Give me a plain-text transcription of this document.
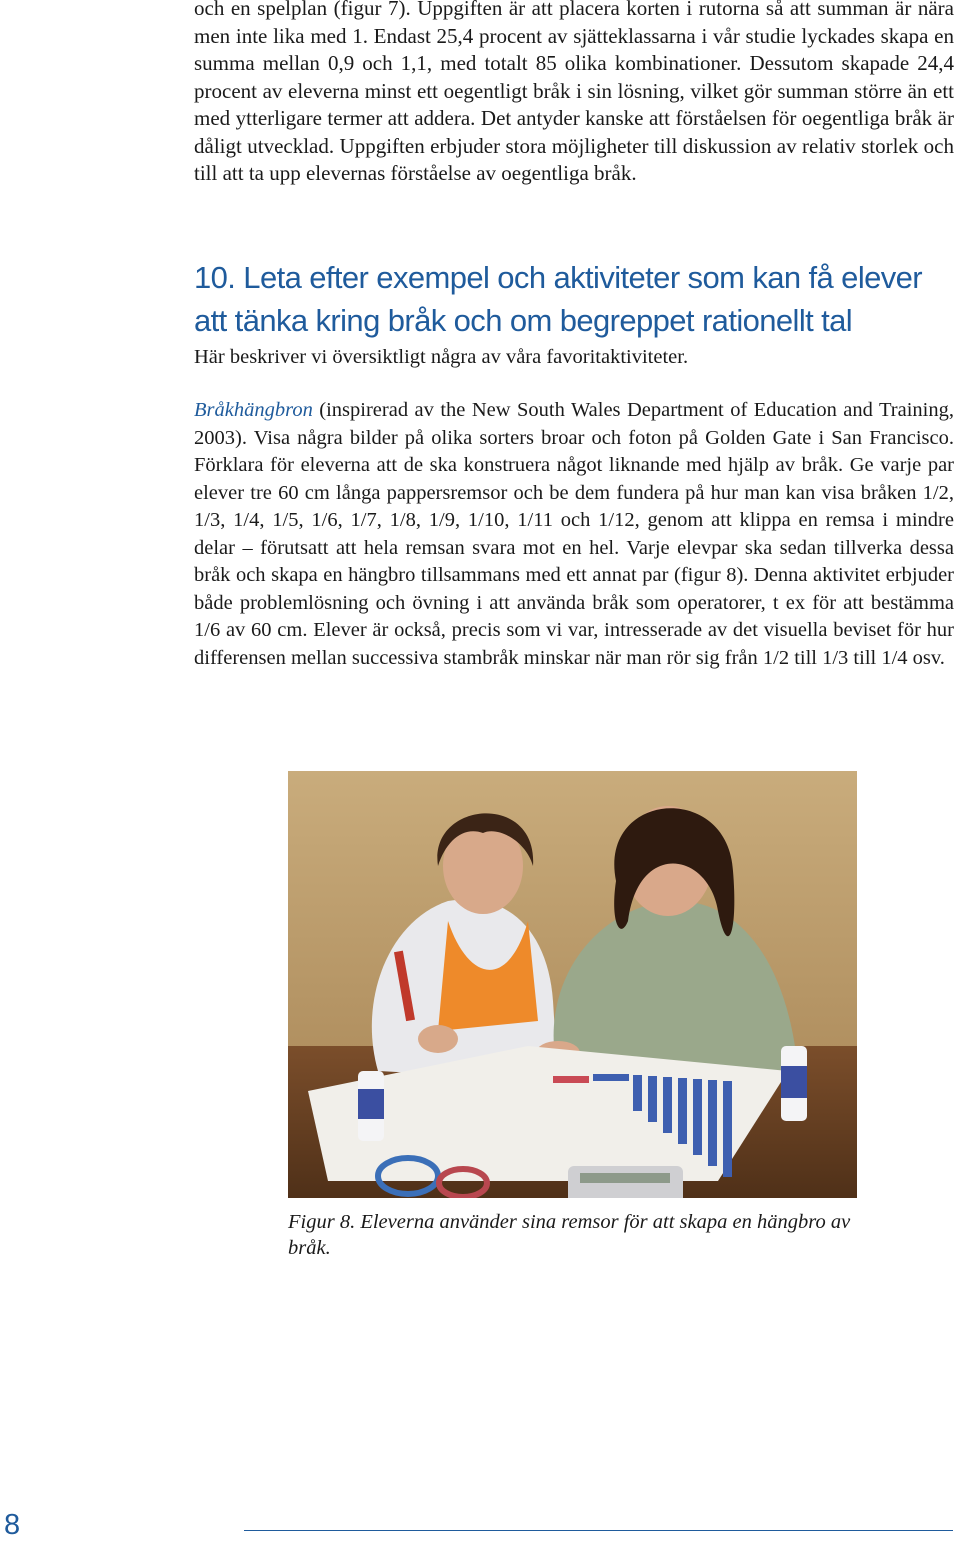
och en spelplan (figur 7). Uppgiften är att placera korten i rutorna så att summan är nära men inte lika med 1. Endast 25,4 procent av sjätteklassarna i vår studie lyckades skapa en summa mellan 0,9 och 1,1, med totalt 85 olika kombinationer. Dessutom skapade 24,4 procent av eleverna minst ett oegentligt bråk i sin lösning, vilket gör summan större än ett med ytterligare termer att addera. Det antyder kanske att förståelsen för oegentliga bråk är dåligt utvecklad. Uppgiften erbjuder stora möjligheter till diskussion av relativ storlek och till att ta upp elevernas förståelse av oegentliga bråk.

10. Leta efter exempel och aktiviteter som kan få elever att tänka kring bråk och om begreppet rationellt tal

Här beskriver vi översiktligt några av våra favoritaktiviteter.

Bråkhängbron (inspirerad av the New South Wales Department of Education and Training, 2003). Visa några bilder på olika sorters broar och foton på Golden Gate i San Francisco. Förklara för eleverna att de ska konstruera något liknande med hjälp av bråk. Ge varje par elever tre 60 cm långa pappersremsor och be dem fundera på hur man kan visa bråken 1/2, 1/3, 1/4, 1/5, 1/6, 1/7, 1/8, 1/9, 1/10, 1/11 och 1/12, genom att klippa en remsa i mindre delar – förutsatt att hela remsan svara mot en hel. Varje elevpar ska sedan tillverka dessa bråk och skapa en hängbro tillsammans med ett annat par (figur 8). Denna aktivitet erbjuder både problemlösning och övning i att använda bråk som operatorer, t ex för att bestämma 1/6 av 60 cm. Elever är också, precis som vi var, intresserade av det visuella beviset för hur differensen mellan successiva stambråk minskar när man rör sig från 1/2 till 1/3 till 1/4 osv.

Figur 8. Eleverna använder sina remsor för att skapa en hängbro av bråk.

8
